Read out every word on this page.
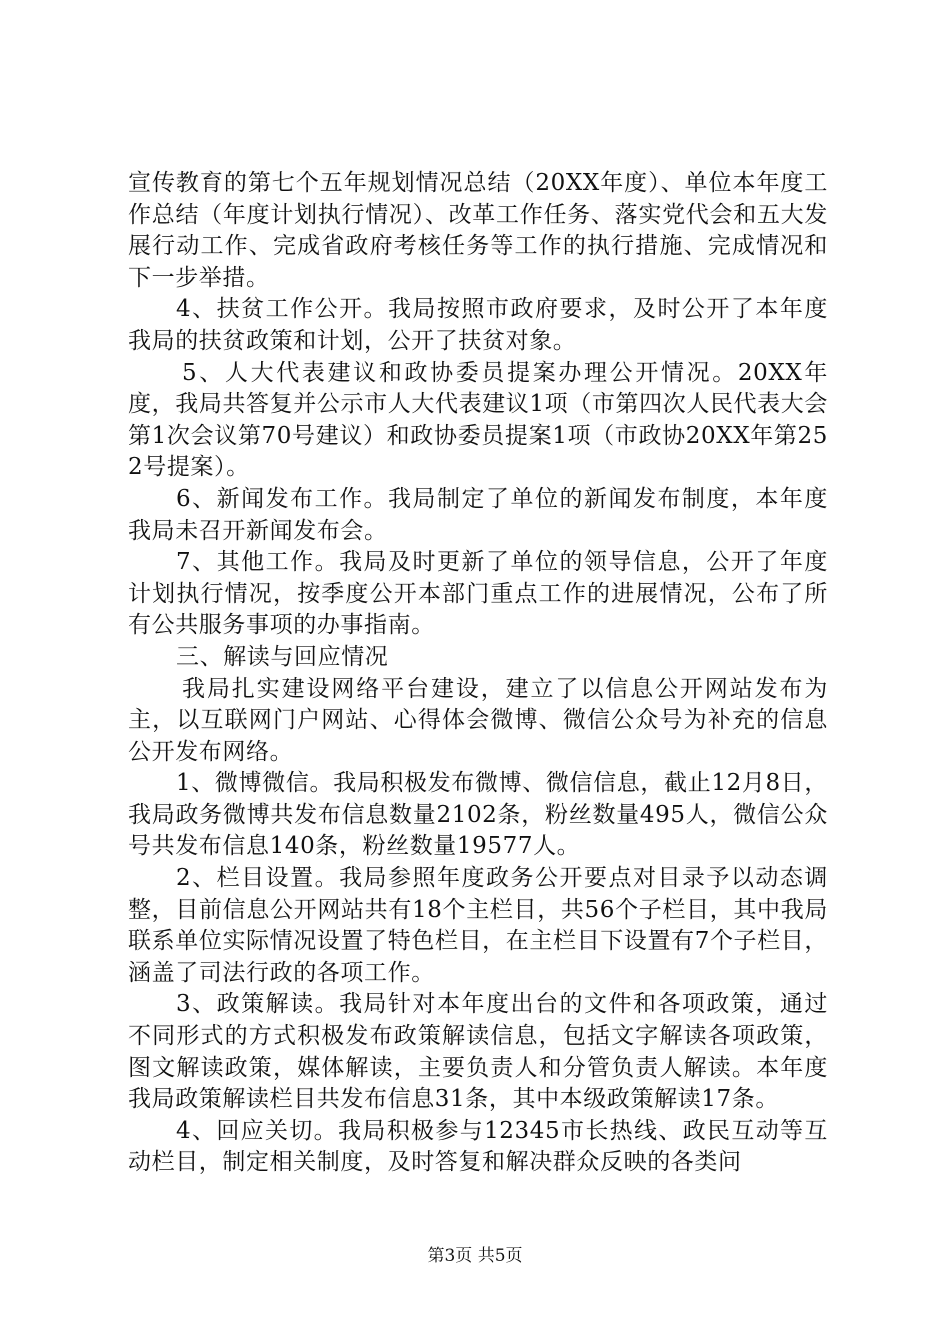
宣传教育的第七个五年规划情况总结（20XX年度）、单位本年度工作总结（年度计划执行情况）、改革工作任务、落实党代会和五大发展行动工作、完成省政府考核任务等工作的执行措施、完成情况和下一步举措。

4、扶贫工作公开。我局按照市政府要求，及时公开了本年度我局的扶贫政策和计划，公开了扶贫对象。

5、人大代表建议和政协委员提案办理公开情况。20XX年度，我局共答复并公示市人大代表建议1项（市第四次人民代表大会第1次会议第70号建议）和政协委员提案1项（市政协20XX年第252号提案）。

6、新闻发布工作。我局制定了单位的新闻发布制度，本年度我局未召开新闻发布会。

7、其他工作。我局及时更新了单位的领导信息，公开了年度计划执行情况，按季度公开本部门重点工作的进展情况，公布了所有公共服务事项的办事指南。

三、解读与回应情况

我局扎实建设网络平台建设，建立了以信息公开网站发布为主，以互联网门户网站、心得体会微博、微信公众号为补充的信息公开发布网络。

1、微博微信。我局积极发布微博、微信信息，截止12月8日，我局政务微博共发布信息数量2102条，粉丝数量495人，微信公众号共发布信息140条，粉丝数量19577人。

2、栏目设置。我局参照年度政务公开要点对目录予以动态调整，目前信息公开网站共有18个主栏目，共56个子栏目，其中我局联系单位实际情况设置了特色栏目，在主栏目下设置有7个子栏目，涵盖了司法行政的各项工作。

3、政策解读。我局针对本年度出台的文件和各项政策，通过不同形式的方式积极发布政策解读信息，包括文字解读各项政策，图文解读政策，媒体解读，主要负责人和分管负责人解读。本年度我局政策解读栏目共发布信息31条，其中本级政策解读17条。

4、回应关切。我局积极参与12345市长热线、政民互动等互动栏目，制定相关制度，及时答复和解决群众反映的各类问

第3页 共5页
